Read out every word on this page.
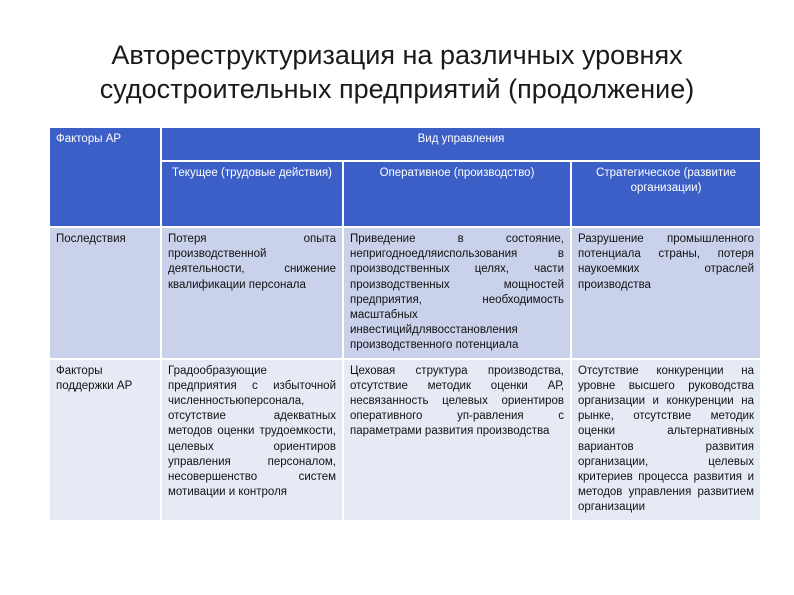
Автореструктуризация на различных уровнях
судостроительных предприятий (продолжение)
Факторы АР	Вид управления		
	Текущее (трудовые действия)	Оперативное (производство)	Стратегическое (развитие организации)
Последствия	Потеря опыта производственной деятельности, снижение квалификации персонала	Приведение в состояние, непригодноедляиспользования в производственных целях, части производственных мощностей предприятия, необходимость масштабных инвестицийдлявосстановления производственного потенциала	Разрушение промышленного потенциала страны, потеря наукоемких отраслей производства
Факторы поддержки АР	Градообразующие предприятия с избыточной численностьюперсонала, отсутствие адекватных методов оценки трудоемкости, целевых ориентиров управления персоналом, несовершенство систем мотивации и контроля	Цеховая структура производства, отсутствие методик оценки АР, несвязанность целевых ориентиров оперативного уп-равления с параметрами развития производства	Отсутствие конкуренции на уровне высшего руководства организации и конкуренции на рынке, отсутствие методик оценки альтернативных вариантов развития организации, целевых критериев процесса развития и методов управления развитием организации
